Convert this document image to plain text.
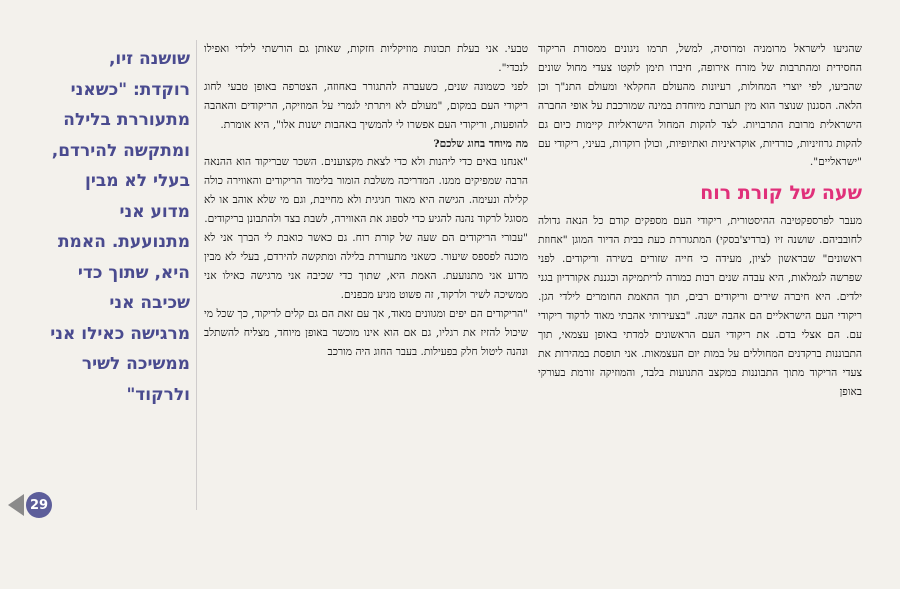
שהגיעו לישראל מרומניה ומרוסיה, למשל, תרמו ניגונים ממסורת הריקוד החסידית ומהתרבות של מזרח אירופה, חיברו תימן לוקטו צעדי מחול שונים שהביעו, לפי יוצרי המחולות, רעיונות מהעולם החקלאי ומעולם התנ"ך וכן הלאה. הסגנון שנוצר הוא מין תערובת מיוחדת במינה שמורכבת על אופי החברה הישראלית מרובת התרבויות. לצד להקות המחול הישראליות קיימות כיום גם להקות גרוזיניות, כורדיות, אוקראיניות ואתיופיות, וכולן רוקדות, בעיני, ריקודי עם "ישראליים".

שעה של קורת רוח

מעבר לפרספקטיבה ההיסטורית, ריקודי העם מספקים קודם כל הנאה גדולה לחובביהם. שושנה זיו (ברדיצ'בסקי) המתגוררת כעת בבית הדיור המוגן "אחוזת ראשונים" שבראשון לציון, מעידה כי חייה שזורים בשירה וריקודים. לפני שפרשה לגמלאות, היא עבדה שנים רבות כמורה לריתמיקה וכגננת אקורדיון בגני ילדים. היא חיברה שירים וריקודים רבים, תוך התאמת החומרים לילדי הגן. ריקודי העם הישראליים הם אהבה ישנה. "בצעירותי אהבתי מאוד לרקוד ריקודי עם. הם אצלי בדם. את ריקודי העם הראשונים למדתי באופן עצמאי, תוך התבוננות ברקדנים המחוללים על במות יום העצמאות. אני תופסת במהירות את צעדי הריקוד מתוך התבוננות במקצב התנועות בלבד, והמוזיקה זורמת בעורקי באופן

טבעי. אני בעלת תכונות מוזיקליות חזקות, שאותן גם הורשתי לילדי ואפילו לנכדי".

לפני כשמונה שנים, כשעברה להתגורר באחוזה, הצטרפה באופן טבעי לחוג ריקודי העם במקום, "מעולם לא ויתרתי לגמרי על המוזיקה, הריקודים והאהבה להופעות, וריקודי העם אפשרו לי להמשיך באהבות ישנות אלו", היא אומרת.

מה מיוחד בחוג שלכם?

"אנחנו באים כדי ליהנות ולא כדי לצאת מקצוענים. השכר שבריקוד הוא ההנאה הרבה שמפיקים ממנו. המדריכה משלבת הומור בלימוד הריקודים והאווירה כולה קלילה ונעימה. הגישה היא מאוד חגיגית ולא מחייבת, וגם מי שלא אוהב או לא מסוגל לרקוד נהנה להגיע כדי לספוג את האווירה, לשבת בצד ולהתבונן בריקודים.

"עבורי הריקודים הם שעה של קורת רוח. גם כאשר כואבת לי הברך אני לא מוכנה לפספס שיעור. כשאני מתעוררת בלילה ומתקשה להירדם, בעלי לא מבין מדוע אני מתנועעת. האמת היא, שתוך כדי שכיבה אני מרגישה כאילו אני ממשיכה לשיר ולרקוד, זה פשוט מגיע מבפנים.

"הריקודים הם יפים ומגוונים מאוד, אך עם זאת הם גם קלים לריקוד, כך שכל מי שיכול להזיז את רגליו, גם אם הוא אינו מוכשר באופן מיוחד, מצליח להשתלב ונהנה ליטול חלק בפעילות. בעבר החוג היה מורכב

שושנה זיו, רוקדת: "כשאני מתעוררת בלילה ומתקשה להירדם, בעלי לא מבין מדוע אני מתנועעת. האמת היא, שתוך כדי שכיבה אני מרגישה כאילו אני ממשיכה לשיר ולרקוד"

29
